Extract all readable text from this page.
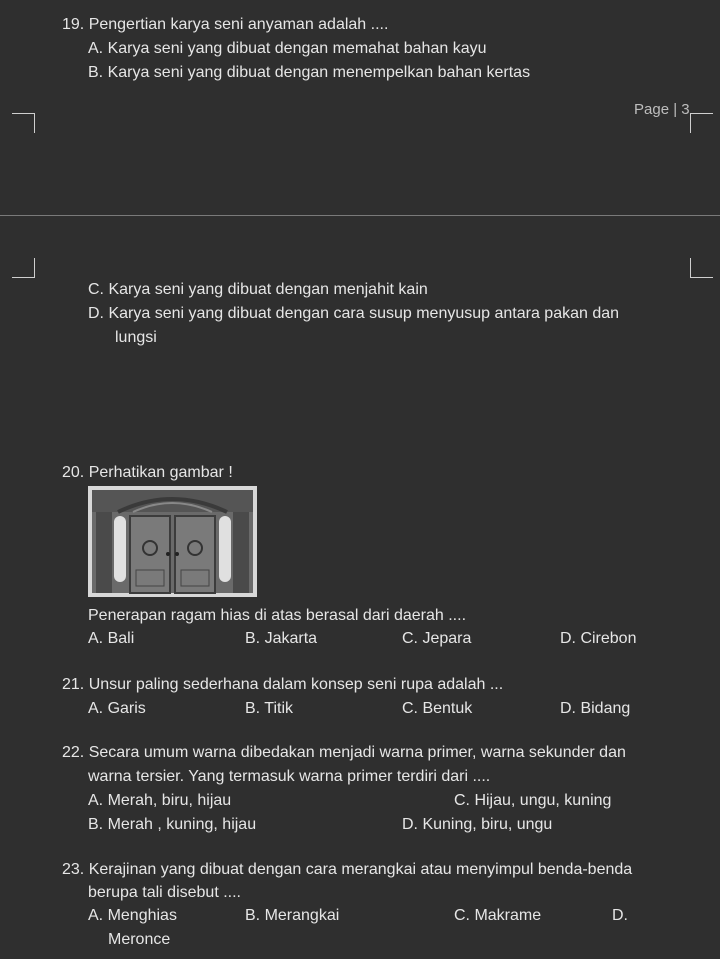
Page | 3
19. Pengertian karya seni anyaman adalah ....
A. Karya seni yang dibuat dengan memahat bahan kayu
B. Karya seni yang dibuat dengan menempelkan bahan kertas
C. Karya seni yang dibuat dengan menjahit kain
D. Karya seni yang dibuat dengan cara susup menyusup antara pakan dan
lungsi
20. Perhatikan gambar !
Penerapan ragam hias di atas berasal dari daerah ....
A. Bali	B. Jakarta	C. Jepara	D. Cirebon
21. Unsur paling sederhana dalam konsep seni rupa adalah ...
A. Garis	B. Titik	C. Bentuk	D. Bidang
22. Secara umum warna dibedakan menjadi warna primer, warna sekunder dan
warna tersier. Yang termasuk warna primer terdiri dari ....
A. Merah, biru, hijau	C. Hijau, ungu, kuning
B. Merah , kuning, hijau	D. Kuning, biru, ungu
23. Kerajinan yang dibuat dengan cara merangkai atau menyimpul benda-benda
berupa tali disebut ....
A. Menghias	B. Merangkai	C. Makrame	D.
Meronce
